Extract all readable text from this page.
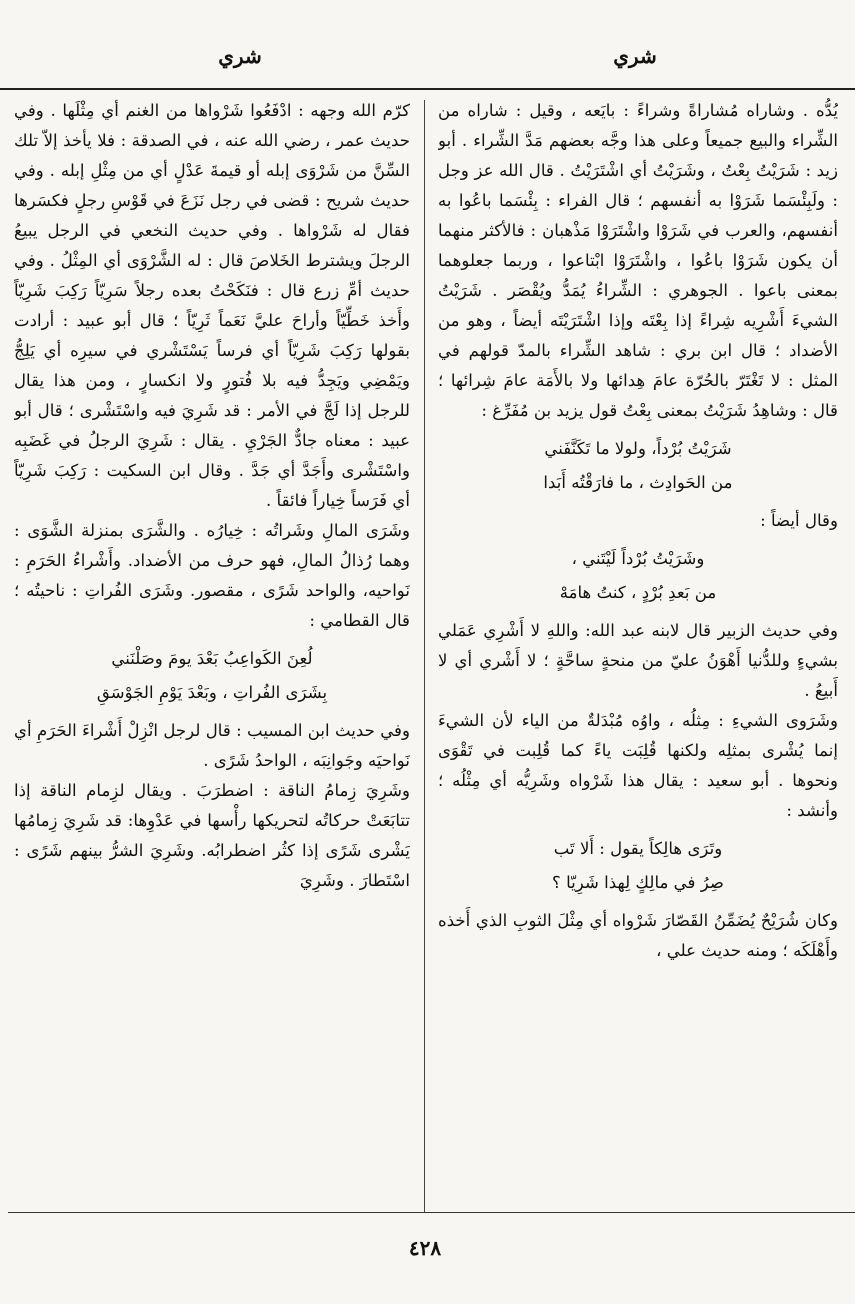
شري	شري

يُدُّه . وشاراه مُشاراةً وشراءً : بايَعه ، وقيل : شاراه من الشِّراء والبيع جميعاً وعلى هذا وجَّه بعضهم مَدَّ الشِّراء . أبو زيد : شَرَيْتُ بِعْتُ ، وشَرَيْتُ أي اشْتَرَيْتُ . قال الله عز وجل : ولَبِئْسَما شَرَوْا به أنفسهم ؛ قال الفراء : بِئْسَما باعُوا به أنفسهم، والعرب في شَرَوْا واشْتَرَوْا مَذْهبان : فالأكثر منهما أن يكون شَرَوْا باعُوا ، واشْتَرَوْا ابْتاعوا ، وربما جعلوهما بمعنى باعوا . الجوهري : الشِّراءُ يُمَدُّ ويُقْصَر . شَرَيْتُ الشيءَ أَشْرِيه شِراءً إذا بِعْتَه وإذا اشْتَرَيْتَه أيضاً ، وهو من الأضداد ؛ قال ابن بري : شاهد الشِّراء بالمدّ قولهم في المثل : لا تَغْتَرّ بالحُرّة عامَ هِدائها ولا بالأَمَة عامَ شِرائها ؛ قال : وشاهِدُ شَرَيْتُ بمعنى بِعْتُ قول يزيد بن مُفَرِّغ :

شَرَيْتُ بُرْداً، ولولا ما تَكَنَّفَني
من الحَوادِث ، ما فارَقْتُه أَبَدا

وقال أيضاً :

وشَرَيْتُ بُرْداً لَيْتَني ،
من بَعدِ بُرْدٍ ، كنتُ هامَهْ

وفي حديث الزبير قال لابنه عبد الله: واللهِ لا أَشْرِي عَمَلي بشيءٍ وللدُّنيا أَهْوَنُ عليّ من منحةٍ ساحَّةٍ ؛ لا أَشْري أي لا أَبيعُ .

وشَرَوى الشيءِ : مِثلُه ، واوُه مُبْدَلةٌ من الياء لأن الشيءَ إنما يُشْرى بمثلِه ولكنها قُلِبَت ياءً كما قُلِبت في تَقْوَى ونحوها . أبو سعيد : يقال هذا شَرْواه وشَرِيُّه أي مِثْلُه ؛ وأنشد :

وتَرَى هالِكاً يقول : أَلا تَب
صِرُ في مالِكٍ لِهذا شَرِيّا ؟

وكان شُرَيْحٌ يُضَمِّنُ القَصّارَ شَرْواه أي مِثْلَ الثوبِ الذي أَخذه وأَهْلَكَه ؛ ومنه حديث علي ،

كرّم الله وجهه : ادْفَعُوا شَرْواها من الغنم أي مِثْلَها . وفي حديث عمر ، رضي الله عنه ، في الصدقة : فلا يأخذ إلاّ تلك السِّنَّ من شَرْوَى إبله أو قيمةَ عَدْلٍ أي من مِثْلِ إبله . وفي حديث شريح : قضى في رجل نَزَعَ في قَوْسِ رجلٍ فكسَرها فقال له شَرْواها . وفي حديث النخعي في الرجل يبيعُ الرجلَ ويشترط الخَلاصَ قال : له الشَّرْوَى أي المِثْلُ . وفي حديث أمِّ زرع قال : فنَكَحْتُ بعده رجلاً سَرِيّاً رَكِبَ شَرِيّاً وأَخذ خَطِّيّاً وأراحَ عليَّ نَعَماً ثَرِيّاً ؛ قال أبو عبيد : أرادت بقولها رَكِبَ شَرِيّاً أي فرساً يَسْتَشْري في سيرِه أي يَلِجُّ ويَمْضِي ويَجِدُّ فيه بلا فُتورٍ ولا انكسارٍ ، ومن هذا يقال للرجل إذا لَجَّ في الأمر : قد شَرِيَ فيه واسْتَشْرى ؛ قال أبو عبيد : معناه جادٌّ الجَرْيِ . يقال : شَرِيَ الرجلُ في غَضَبِه واسْتَشْرى وأَجَدَّ أي جَدَّ . وقال ابن السكيت : رَكِبَ شَرِيّاً أي فَرَساً خِياراً فائقاً .

وشَرَى المالِ وشَراتُه : خِيارُه . والشَّرَى بمنزلة الشَّوَى : وهما رُذالُ المالِ، فهو حرف من الأضداد. وأَشْراءُ الحَرَمِ : نَواحيه، والواحد شَرًى ، مقصور. وشَرَى الفُراتِ : ناحيتُه ؛ قال القطامي :

لُعِنَ الكَواعِبُ بَعْدَ يومَ وصَلْنَني
بِشَرَى الفُراتِ ، وبَعْدَ يَوْمِ الجَوْسَقِ

وفي حديث ابن المسيب : قال لرجل انْزِلْ أَشْراءَ الحَرَمِ أي نَواحيَه وجَوانِبَه ، الواحدُ شَرًى .

وشَرِيَ زِمامُ الناقة : اضطرَبَ . ويقال لزِمام الناقة إذا تتابَعَتْ حركاتُه لتحريكها رأْسها في عَدْوِها: قد شَرِيَ زِمامُها يَشْرى شَرًى إذا كثُر اضطرابُه. وشَرِيَ الشرُّ بينهم شَرًى : اسْتَطارَ . وشَرِيَ

٤٢٨
